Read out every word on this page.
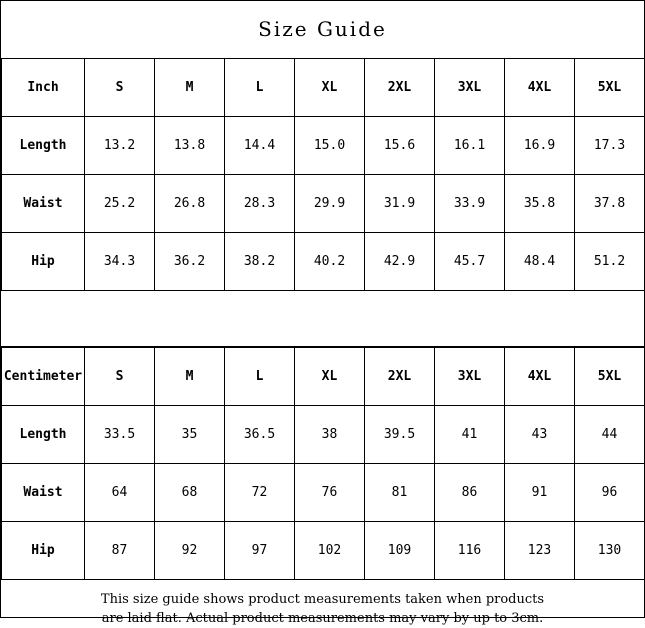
Size Guide
Inch	S	M	L	XL	2XL	3XL	4XL	5XL
Length	13.2	13.8	14.4	15.0	15.6	16.1	16.9	17.3
Waist	25.2	26.8	28.3	29.9	31.9	33.9	35.8	37.8
Hip	34.3	36.2	38.2	40.2	42.9	45.7	48.4	51.2
Centimeter	S	M	L	XL	2XL	3XL	4XL	5XL
Length	33.5	35	36.5	38	39.5	41	43	44
Waist	64	68	72	76	81	86	91	96
Hip	87	92	97	102	109	116	123	130
This size guide shows product measurements taken when products
are laid flat. Actual product measurements may vary by up to 3cm.
